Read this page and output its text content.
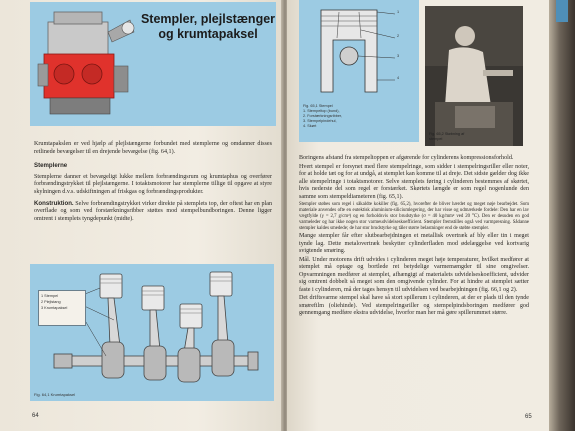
Stempler, plejlstænger og krumtapaksel

Krumtapakslen er ved hjælp af plejlstængerne forbundet med stemplerne og omdanner disses retlinede bevægelser til en drejende bevægelse (fig. 64,1).

Stemplerne

Stemplerne danner et bevægeligt lukke mellem forbrændingsrum og krumtaphus og overfører forbrændingstrykket til plejlstængerne. I totaktsmotorer har stemplerne tillige til opgave at styre skylningen d.v.s. udskiftningen af friskgas og forbrændingsprodukter.

Konstruktion. Selve forbrændingstrykket virker direkte på stemplets top, der oftest har en plan overflade og som ved forstærkningsribber støttes mod stempelbundboringen. Denne ligger omtrent i stemplets tyngdepunkt (midte).

1 Stempel
2 Plejlstang
3 Krumtapaksel
Fig. 64,1 Krumtapaksel
64
1
2
3
4
Fig. 65,1 Stempel
1. Stempeltop (bund),
2. Forstærkningsribber,
3. Stempelpindehul,
4. Skørt
Fig. 65,2 Støbning af
stempel

Boringens afstand fra stempeltoppen er afgørende for cylinderens kompressionsforhold.

Hvert stempel er forsynet med flere stempelringe, som sidder i stempelringsriller eller noter, for at holde tæt og for at undgå, at stemplet kan komme til at dreje. Det sidste gælder dog ikke alle stempelringe i totaktsmotorer. Selve stemplets føring i cylinderen bestemmes af skørtet, hvis nederste del som regel er forstærket. Skørtets længde er som regel nogenlunde den samme som stempeldiameteren (fig. 65,1).

Stempler støbes som regel i såkaldte kokiller (fig. 65,2), hvorefter de bliver hærdet og meget nøje bearbejdet. Som materiale anvendes ofte en eutektisk aluminium-siliciumlegering, der har visse og udmærkede fordele: Den har en lav vægtfylde (γ = 2,7 g/cm³) og en forholdsvis stor brudstyrke (σ = 40 kg/mm² ved 20 °C). Den er desuden en god varmeleder og har ikke nogen stor varmeudvidelseskoefficient. Stempler fremstilles også ved varmpresning. Sådanne stempler kaldes smedede; de har stor brudstyrke og tåler større belastninger end de støbte stempler.

Mange stempler får efter slutbearbejdningen et metallisk overtræk af bly eller tin i meget tynde lag. Dette metalovertræk beskytter cylinderfladen mod ødelæggelse ved kortvarig svigtende smøring.

Mål. Under motorens drift udvides i cylinderen meget høje temperaturer, hvilket medfører at stemplet må optage og bortlede ret betydelige varmemængder til sine omgivelser. Opvarmningen medfører at stemplet, afhængigt af materialets udvidelseskoefficient, udvider sig omtrent dobbelt så meget som den omgivende cylinder. For at hindre at stemplet sætter faste i cylinderen, må der tages hensyn til udvidelsen ved bearbejdningen (fig. 66,1 og 2).

Det driftsvarme stempel skal have så stort spillerum i cylinderen, at der er plads til den tynde smørefilm (oliehinde). Ved stempelringsriller og stempelpindsboringen medfører god gennemgang medføre ekstra udvidelse, hvorfor man her må gøre spillerummet større.

65
